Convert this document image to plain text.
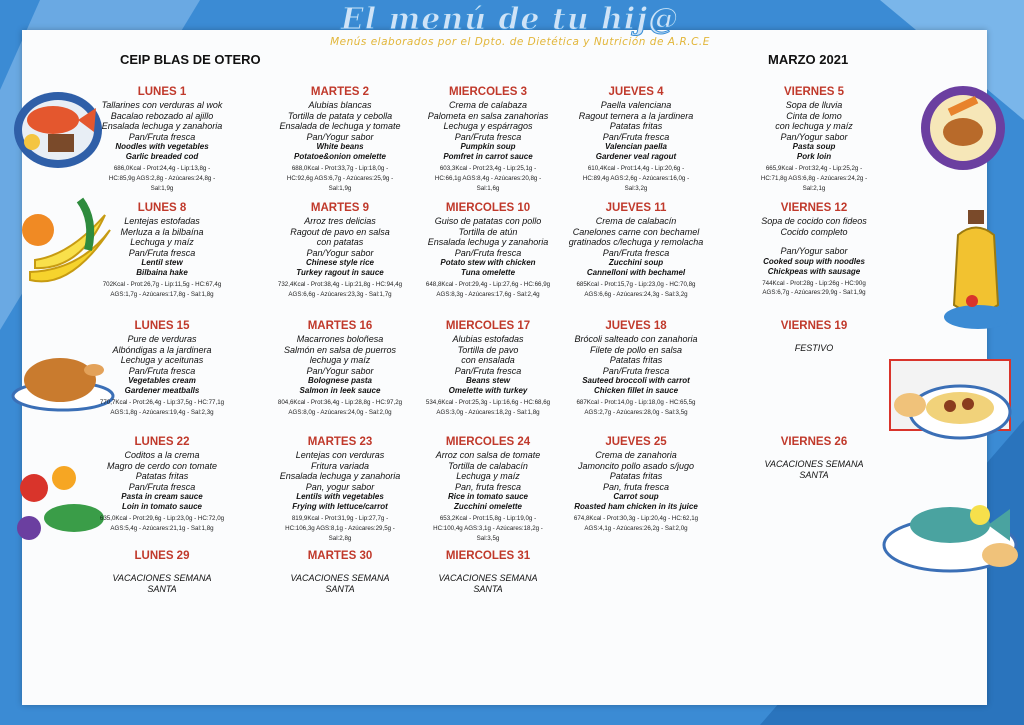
El menú de tu hij@
Menús elaborados por el Dpto. de Dietética y Nutrición de A.R.C.E
CEIP BLAS DE OTERO	MARZO 2021
LUNES 1
Tallarines con verduras al wok
Bacalao rebozado al ajillo
Ensalada lechuga y zanahoria
Pan/Fruta fresca
Noodles with vegetables
Garlic breaded cod
686,0Kcal - Prot:24,4g - Lip:13,8g -
HC:85,9g AGS:2,8g - Azúcares:24,8g -
Sal:1,9g
MARTES 2
Alubias blancas
Tortilla de patata y cebolla
Ensalada de lechuga y tomate
Pan/Yogur sabor
White beans
Potatoe&onion omelette
688,0Kcal - Prot:33,7g - Lip:18,0g -
HC:92,6g AGS:6,7g - Azúcares:25,9g -
Sal:1,9g
MIERCOLES 3
Crema de calabaza
Palometa en salsa zanahorias
Lechuga y espárragos
Pan/Fruta fresca
Pumpkin soup
Pomfret in carrot sauce
603,3Kcal - Prot:23,4g - Lip:25,1g -
HC:66,1g AGS:8,4g - Azúcares:20,8g -
Sal:1,6g
JUEVES 4
Paella valenciana
Ragout ternera a la jardinera
Patatas fritas
Pan/Fruta fresca
Valencian paella
Gardener veal ragout
610,4Kcal - Prot:14,4g - Lip:20,6g -
HC:89,4g AGS:2,6g - Azúcares:16,0g -
Sal:3,2g
VIERNES 5
Sopa de lluvia
Cinta de lomo
con lechuga y maíz
Pan/Yogur sabor
Pasta soup
Pork loin
665,9Kcal - Prot:32,4g - Lip:25,2g -
HC:71,8g AGS:6,8g - Azúcares:24,2g -
Sal:2,1g
LUNES 8
Lentejas estofadas
Merluza a la bilbaína
Lechuga y maíz
Pan/Fruta fresca
Lentil stew
Bilbaina hake
702Kcal - Prot:26,7g - Lip:11,5g - HC:67,4g
AGS:1,7g - Azúcares:17,8g - Sal:1,8g
MARTES 9
Arroz tres delicias
Ragout de pavo en salsa
con patatas
Pan/Yogur sabor
Chinese style rice
Turkey ragout in sauce
732,4Kcal - Prot:38,4g - Lip:21,8g - HC:94,4g
AGS:6,6g - Azúcares:23,3g - Sal:1,7g
MIERCOLES 10
Guiso de patatas con pollo
Tortilla de atún
Ensalada lechuga y zanahoria
Pan/Fruta fresca
Potato stew with chicken
Tuna omelette
648,8Kcal - Prot:29,4g - Lip:27,6g - HC:66,9g
AGS:8,3g - Azúcares:17,6g - Sal:2,4g
JUEVES 11
Crema de calabacín
Canelones carne con bechamel
gratinados c/lechuga y remolacha
Pan/Fruta fresca
Zucchini soup
Cannelloni with bechamel
685Kcal - Prot:15,7g - Lip:23,0g - HC:70,8g
AGS:6,6g - Azúcares:24,3g - Sal:3,2g
VIERNES 12
Sopa de cocido con fideos
Cocido completo
Pan/Yogur sabor
Cooked soup with noodles
Chickpeas with sausage
744Kcal - Prot:28g - Lip:26g - HC:90g
AGS:6,7g - Azúcares:29,9g - Sal:1,9g
LUNES 15
Pure de verduras
Albóndigas a la jardinera
Lechuga y aceitunas
Pan/Fruta fresca
Vegetables cream
Gardener meatballs
770,7Kcal - Prot:26,4g - Lip:37,5g - HC:77,1g
AGS:1,8g - Azúcares:19,4g - Sal:2,3g
MARTES 16
Macarrones boloñesa
Salmón en salsa de puerros
lechuga y maíz
Pan/Yogur sabor
Bolognese pasta
Salmon in leek sauce
804,6Kcal - Prot:36,4g - Lip:28,8g - HC:97,2g
AGS:8,0g - Azúcares:24,0g - Sal:2,0g
MIERCOLES 17
Alubias estofadas
Tortilla de pavo
con ensalada
Pan/Fruta fresca
Beans stew
Omelette with turkey
534,6Kcal - Prot:25,3g - Lip:16,6g - HC:68,6g
AGS:3,0g - Azúcares:18,2g - Sal:1,8g
JUEVES 18
Brócoli salteado con zanahoria
Filete de pollo en salsa
Patatas fritas
Pan/Fruta fresca
Sauteed broccoli with carrot
Chicken fillet in sauce
687Kcal - Prot:14,0g - Lip:18,0g - HC:65,5g
AGS:2,7g - Azúcares:28,0g - Sal:3,5g
VIERNES 19
FESTIVO
LUNES 22
Coditos a la crema
Magro de cerdo con tomate
Patatas fritas
Pan/Fruta fresca
Pasta in cream sauce
Loin in tomato sauce
635,0Kcal - Prot:29,6g - Lip:23,0g - HC:72,0g
AGS:5,4g - Azúcares:21,1g - Sal:1,8g
MARTES 23
Lentejas con verduras
Fritura variada
Ensalada lechuga y zanahoria
Pan, yogur sabor
Lentils with vegetables
Frying with lettuce/carrot
819,9Kcal - Prot:31,9g - Lip:27,7g -
HC:106,3g AGS:8,1g - Azúcares:29,5g -
Sal:2,8g
MIERCOLES 24
Arroz con salsa de tomate
Tortilla de calabacín
Lechuga y maíz
Pan, fruta fresca
Rice in tomato sauce
Zucchini omelette
653,2Kcal - Prot:15,8g - Lip:19,0g -
HC:100,4g AGS:3,1g - Azúcares:18,2g -
Sal:3,5g
JUEVES 25
Crema de zanahoria
Jamoncito pollo asado s/jugo
Patatas fritas
Pan, fruta fresca
Carrot soup
Roasted ham chicken in its juice
674,8Kcal - Prot:30,3g - Lip:20,4g - HC:62,1g
AGS:4,1g - Azúcares:26,2g - Sal:2,0g
VIERNES 26
VACACIONES SEMANA
SANTA
LUNES 29
VACACIONES SEMANA
SANTA
MARTES 30
VACACIONES SEMANA
SANTA
MIERCOLES 31
VACACIONES SEMANA
SANTA
